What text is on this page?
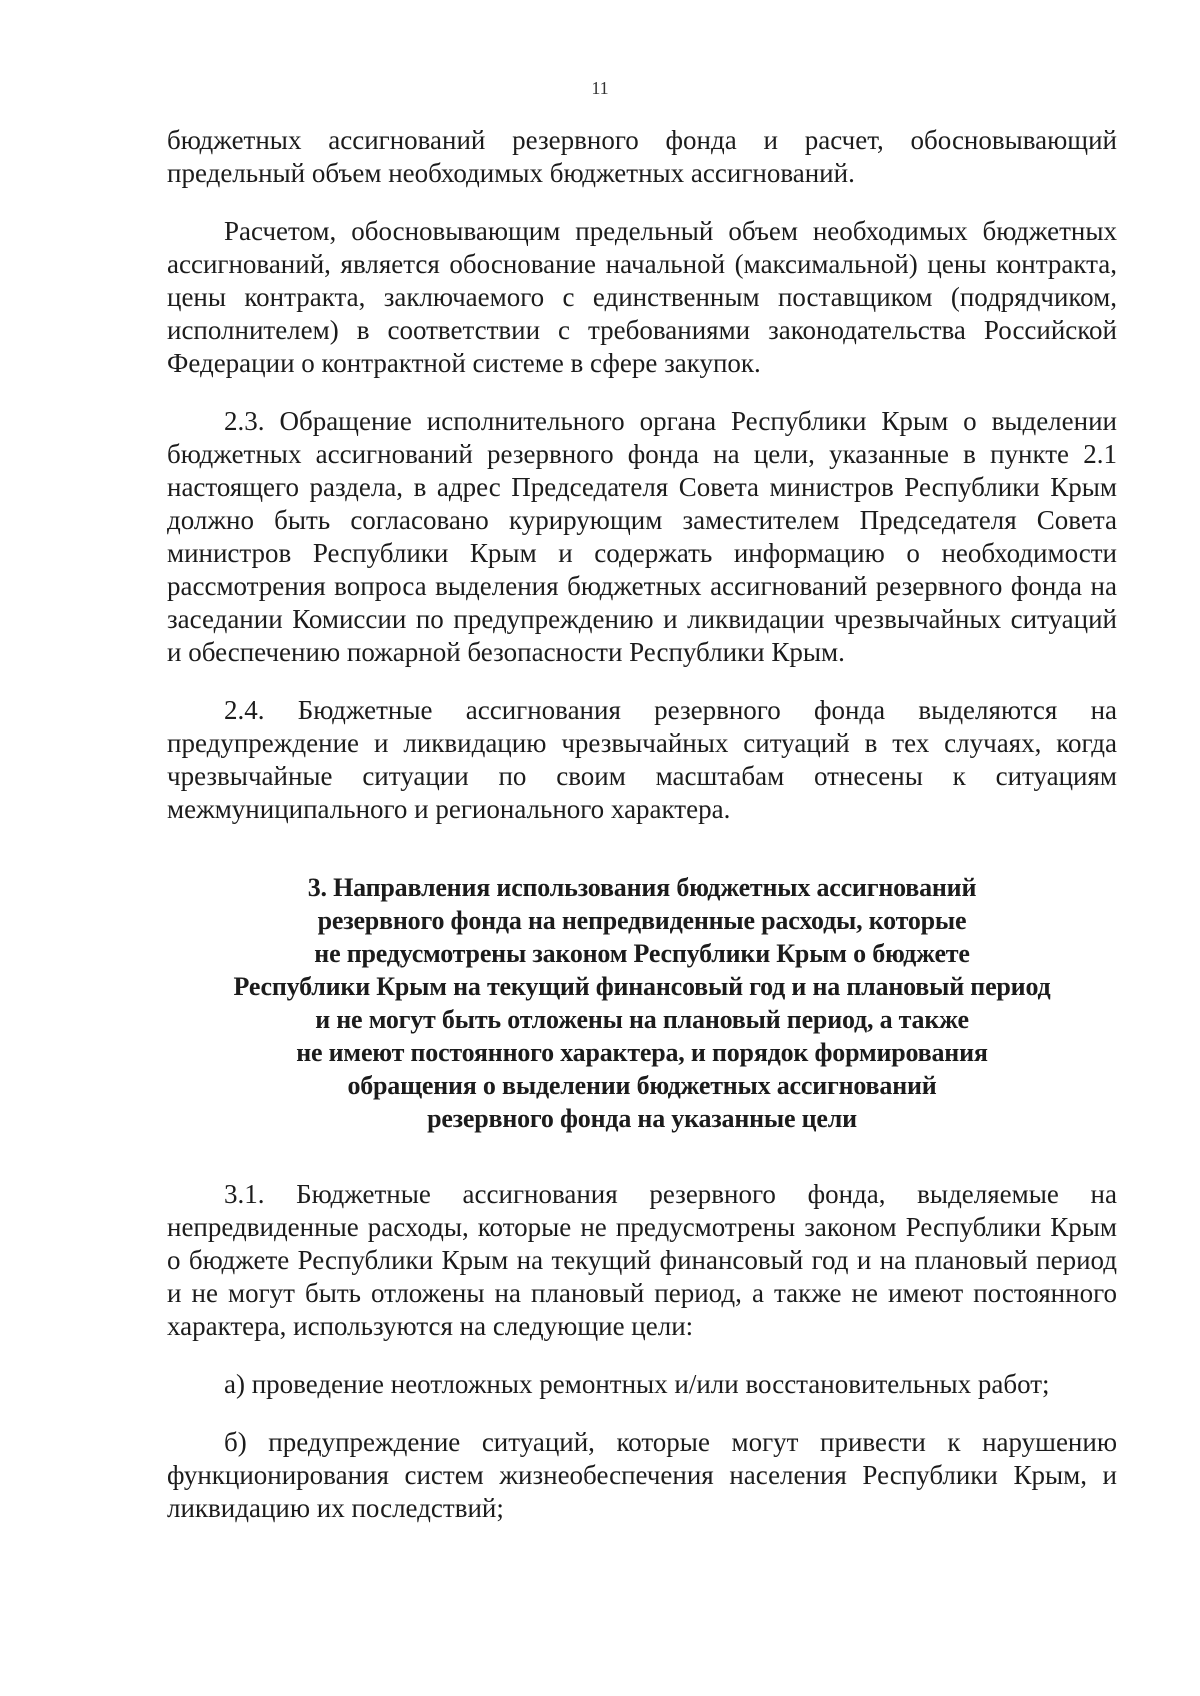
11

бюджетных ассигнований резервного фонда и расчет, обосновывающий предельный объем необходимых бюджетных ассигнований.

Расчетом, обосновывающим предельный объем необходимых бюджетных ассигнований, является обоснование начальной (максимальной) цены контракта, цены контракта, заключаемого с единственным поставщиком (подрядчиком, исполнителем) в соответствии с требованиями законодательства Российской Федерации о контрактной системе в сфере закупок.

2.3. Обращение исполнительного органа Республики Крым о выделении бюджетных ассигнований резервного фонда на цели, указанные в пункте 2.1 настоящего раздела, в адрес Председателя Совета министров Республики Крым должно быть согласовано курирующим заместителем Председателя Совета министров Республики Крым и содержать информацию о необходимости рассмотрения вопроса выделения бюджетных ассигнований резервного фонда на заседании Комиссии по предупреждению и ликвидации чрезвычайных ситуаций и обеспечению пожарной безопасности Республики Крым.

2.4. Бюджетные ассигнования резервного фонда выделяются на предупреждение и ликвидацию чрезвычайных ситуаций в тех случаях, когда чрезвычайные ситуации по своим масштабам отнесены к ситуациям межмуниципального и регионального характера.

3. Направления использования бюджетных ассигнований
резервного фонда на непредвиденные расходы, которые
не предусмотрены законом Республики Крым о бюджете
Республики Крым на текущий финансовый год и на плановый период
и не могут быть отложены на плановый период, а также
не имеют постоянного характера, и порядок формирования
обращения о выделении бюджетных ассигнований
резервного фонда на указанные цели

3.1. Бюджетные ассигнования резервного фонда, выделяемые на непредвиденные расходы, которые не предусмотрены законом Республики Крым о бюджете Республики Крым на текущий финансовый год и на плановый период и не могут быть отложены на плановый период, а также не имеют постоянного характера, используются на следующие цели:

а) проведение неотложных ремонтных и/или восстановительных работ;

б) предупреждение ситуаций, которые могут привести к нарушению функционирования систем жизнеобеспечения населения Республики Крым, и ликвидацию их последствий;
